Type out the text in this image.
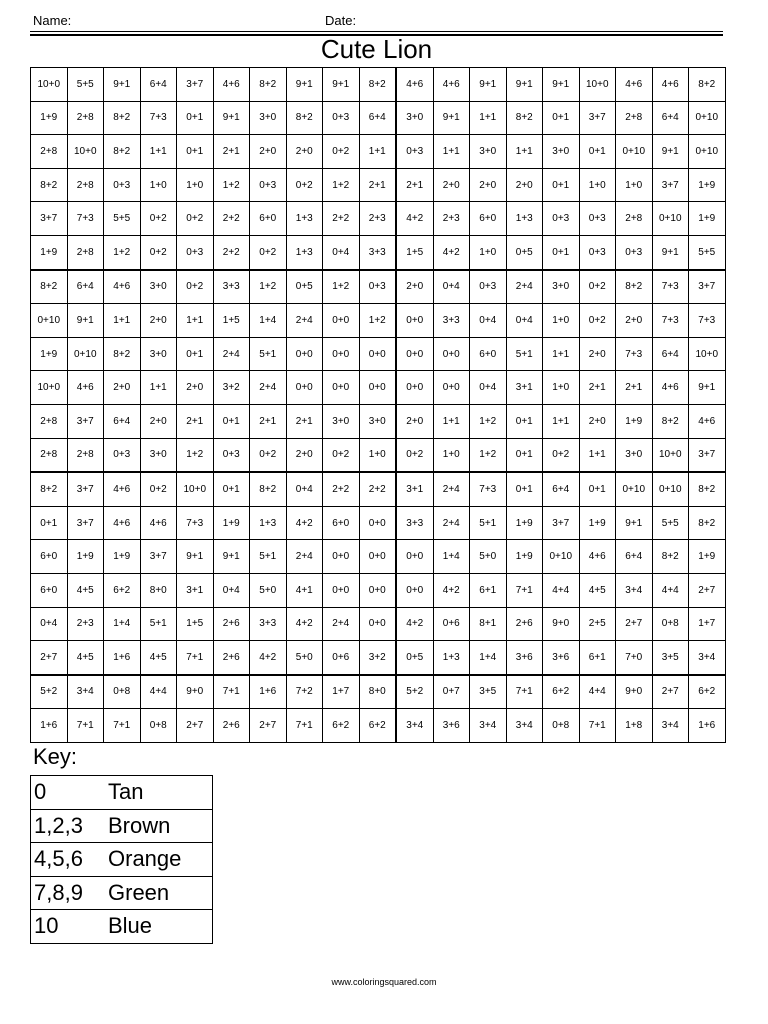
Name:	Date:
Cute Lion
10+0	5+5	9+1	6+4	3+7	4+6	8+2	9+1	9+1	8+2	4+6	4+6	9+1	9+1	9+1	10+0	4+6	4+6	8+2
1+9	2+8	8+2	7+3	0+1	9+1	3+0	8+2	0+3	6+4	3+0	9+1	1+1	8+2	0+1	3+7	2+8	6+4	0+10
2+8	10+0	8+2	1+1	0+1	2+1	2+0	2+0	0+2	1+1	0+3	1+1	3+0	1+1	3+0	0+1	0+10	9+1	0+10
8+2	2+8	0+3	1+0	1+0	1+2	0+3	0+2	1+2	2+1	2+1	2+0	2+0	2+0	0+1	1+0	1+0	3+7	1+9
3+7	7+3	5+5	0+2	0+2	2+2	6+0	1+3	2+2	2+3	4+2	2+3	6+0	1+3	0+3	0+3	2+8	0+10	1+9
1+9	2+8	1+2	0+2	0+3	2+2	0+2	1+3	0+4	3+3	1+5	4+2	1+0	0+5	0+1	0+3	0+3	9+1	5+5
8+2	6+4	4+6	3+0	0+2	3+3	1+2	0+5	1+2	0+3	2+0	0+4	0+3	2+4	3+0	0+2	8+2	7+3	3+7
0+10	9+1	1+1	2+0	1+1	1+5	1+4	2+4	0+0	1+2	0+0	3+3	0+4	0+4	1+0	0+2	2+0	7+3	7+3
1+9	0+10	8+2	3+0	0+1	2+4	5+1	0+0	0+0	0+0	0+0	0+0	6+0	5+1	1+1	2+0	7+3	6+4	10+0
10+0	4+6	2+0	1+1	2+0	3+2	2+4	0+0	0+0	0+0	0+0	0+0	0+4	3+1	1+0	2+1	2+1	4+6	9+1
2+8	3+7	6+4	2+0	2+1	0+1	2+1	2+1	3+0	3+0	2+0	1+1	1+2	0+1	1+1	2+0	1+9	8+2	4+6
2+8	2+8	0+3	3+0	1+2	0+3	0+2	2+0	0+2	1+0	0+2	1+0	1+2	0+1	0+2	1+1	3+0	10+0	3+7
8+2	3+7	4+6	0+2	10+0	0+1	8+2	0+4	2+2	2+2	3+1	2+4	7+3	0+1	6+4	0+1	0+10	0+10	8+2
0+1	3+7	4+6	4+6	7+3	1+9	1+3	4+2	6+0	0+0	3+3	2+4	5+1	1+9	3+7	1+9	9+1	5+5	8+2
6+0	1+9	1+9	3+7	9+1	9+1	5+1	2+4	0+0	0+0	0+0	1+4	5+0	1+9	0+10	4+6	6+4	8+2	1+9
6+0	4+5	6+2	8+0	3+1	0+4	5+0	4+1	0+0	0+0	0+0	4+2	6+1	7+1	4+4	4+5	3+4	4+4	2+7
0+4	2+3	1+4	5+1	1+5	2+6	3+3	4+2	2+4	0+0	4+2	0+6	8+1	2+6	9+0	2+5	2+7	0+8	1+7
2+7	4+5	1+6	4+5	7+1	2+6	4+2	5+0	0+6	3+2	0+5	1+3	1+4	3+6	3+6	6+1	7+0	3+5	3+4
5+2	3+4	0+8	4+4	9+0	7+1	1+6	7+2	1+7	8+0	5+2	0+7	3+5	7+1	6+2	4+4	9+0	2+7	6+2
1+6	7+1	7+1	0+8	2+7	2+6	2+7	7+1	6+2	6+2	3+4	3+6	3+4	3+4	0+8	7+1	1+8	3+4	1+6
Key:
0	Tan
1,2,3	Brown
4,5,6	Orange
7,8,9	Green
10	Blue
www.coloringsquared.com
